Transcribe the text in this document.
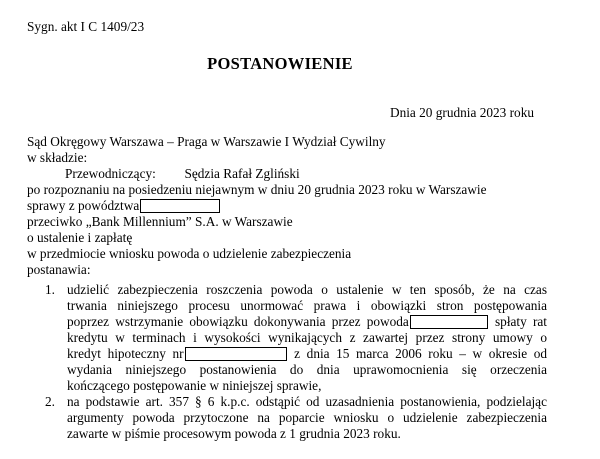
Sygn. akt I C 1409/23
POSTANOWIENIE
Dnia 20 grudnia 2023 roku
Sąd Okręgowy Warszawa – Praga w Warszawie I Wydział Cywilny
w składzie:
Przewodniczący: Sędzia Rafał Zgliński
po rozpoznaniu na posiedzeniu niejawnym w dniu 20 grudnia 2023 roku w Warszawie
sprawy z powództwa
przeciwko „Bank Millennium” S.A. w Warszawie
o ustalenie i zapłatę
w przedmiocie wniosku powoda o udzielenie zabezpieczenia
postanawia:
1. udzielić zabezpieczenia roszczenia powoda o ustalenie w ten sposób, że na czas
trwania niniejszego procesu unormować prawa i obowiązki stron postępowania
poprzez wstrzymanie obowiązku dokonywania przez powoda	spłaty rat
kredytu w terminach i wysokości wynikających z zawartej przez strony umowy o
kredyt hipoteczny nr	z dnia 15 marca 2006 roku – w okresie od
wydania niniejszego postanowienia do dnia uprawomocnienia się orzeczenia
kończącego postępowanie w niniejszej sprawie,
2. na podstawie art. 357 § 6 k.p.c. odstąpić od uzasadnienia postanowienia, podzielając
argumenty powoda przytoczone na poparcie wniosku o udzielenie zabezpieczenia
zawarte w piśmie procesowym powoda z 1 grudnia 2023 roku.
